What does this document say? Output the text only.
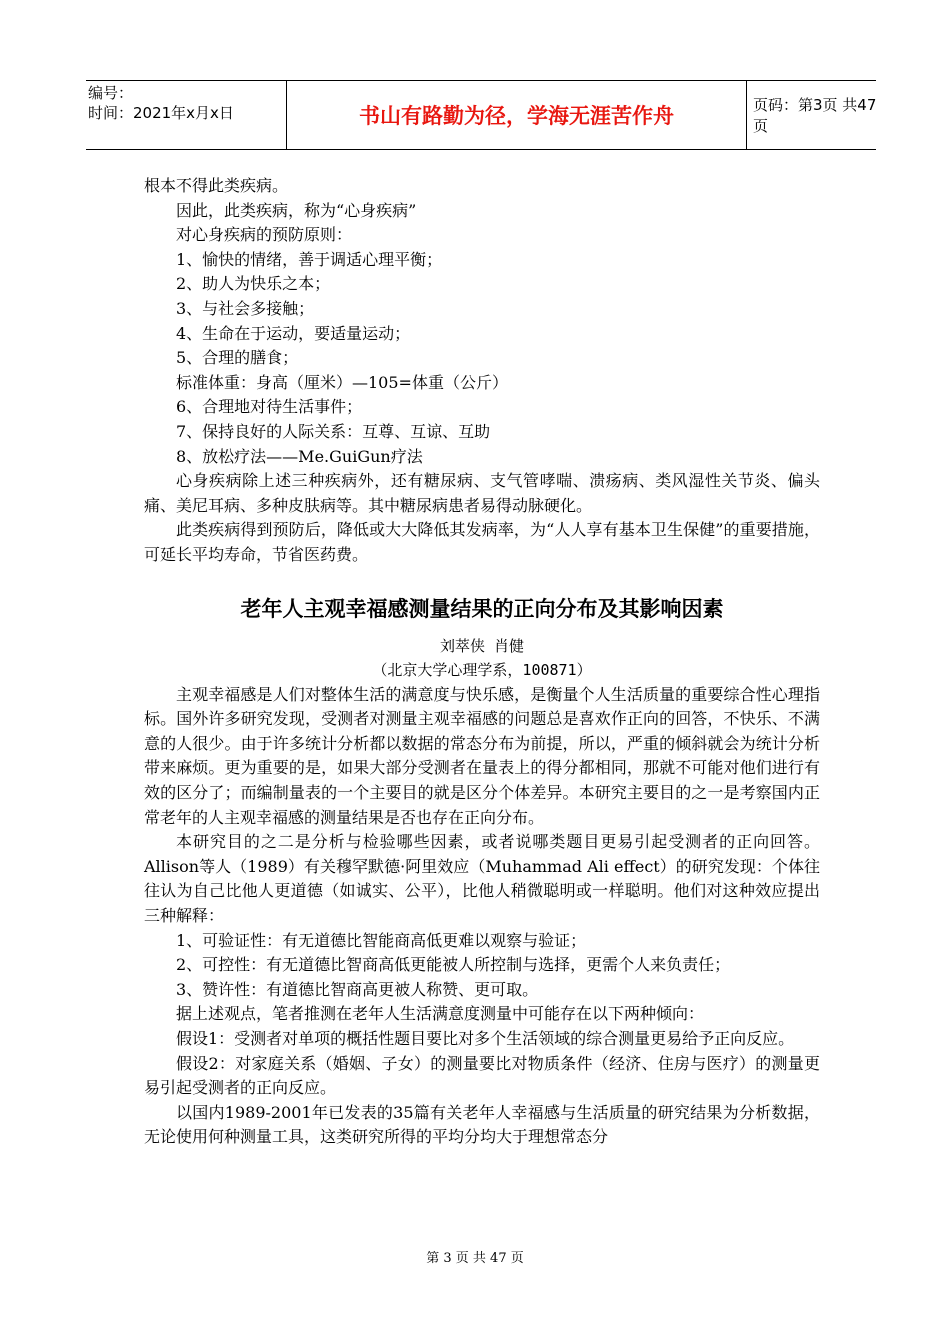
编号：
时间：2021年x月x日	书山有路勤为径，学海无涯苦作舟	页码：第3页 共47页

根本不得此类疾病。

因此，此类疾病，称为“心身疾病”

对心身疾病的预防原则：

1、愉快的情绪，善于调适心理平衡；

2、助人为快乐之本；

3、与社会多接触；

4、生命在于运动，要适量运动；

5、合理的膳食；

标准体重：身高（厘米）—105=体重（公斤）

6、合理地对待生活事件；

7、保持良好的人际关系：互尊、互谅、互助

8、放松疗法——Me.GuiGun疗法

心身疾病除上述三种疾病外，还有糖尿病、支气管哮喘、溃疡病、类风湿性关节炎、偏头痛、美尼耳病、多种皮肤病等。其中糖尿病患者易得动脉硬化。

此类疾病得到预防后，降低或大大降低其发病率，为“人人享有基本卫生保健”的重要措施，可延长平均寿命，节省医药费。

老年人主观幸福感测量结果的正向分布及其影响因素

刘萃侠 肖健

（北京大学心理学系，100871）

主观幸福感是人们对整体生活的满意度与快乐感，是衡量个人生活质量的重要综合性心理指标。国外许多研究发现，受测者对测量主观幸福感的问题总是喜欢作正向的回答，不快乐、不满意的人很少。由于许多统计分析都以数据的常态分布为前提，所以，严重的倾斜就会为统计分析带来麻烦。更为重要的是，如果大部分受测者在量表上的得分都相同，那就不可能对他们进行有效的区分了；而编制量表的一个主要目的就是区分个体差异。本研究主要目的之一是考察国内正常老年的人主观幸福感的测量结果是否也存在正向分布。

本研究目的之二是分析与检验哪些因素，或者说哪类题目更易引起受测者的正向回答。Allison等人（1989）有关穆罕默德·阿里效应（Muhammad Ali effect）的研究发现：个体往往认为自己比他人更道德（如诚实、公平），比他人稍微聪明或一样聪明。他们对这种效应提出三种解释：

1、可验证性：有无道德比智能商高低更难以观察与验证；

2、可控性：有无道德比智商高低更能被人所控制与选择，更需个人来负责任；

3、赞许性：有道德比智商高更被人称赞、更可取。

据上述观点，笔者推测在老年人生活满意度测量中可能存在以下两种倾向：

假设1：受测者对单项的概括性题目要比对多个生活领域的综合测量更易给予正向反应。

假设2：对家庭关系（婚姻、子女）的测量要比对物质条件（经济、住房与医疗）的测量更易引起受测者的正向反应。

以国内1989-2001年已发表的35篇有关老年人幸福感与生活质量的研究结果为分析数据，无论使用何种测量工具，这类研究所得的平均分均大于理想常态分

第 3 页 共 47 页
